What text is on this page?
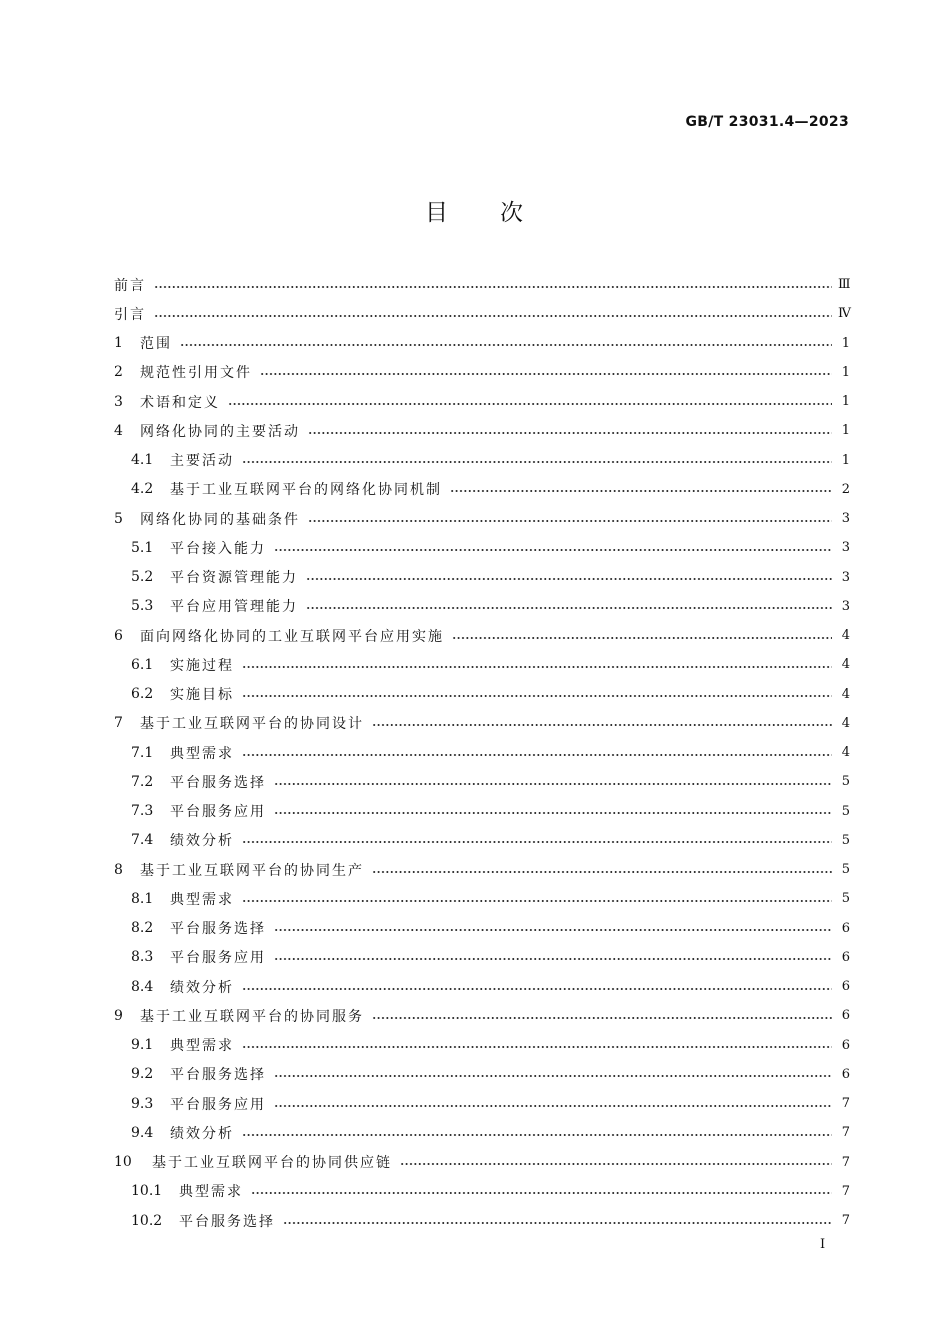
GB/T 23031.4—2023
目 次
前言	Ⅲ
引言	Ⅳ
1	范围	1
2	规范性引用文件	1
3	术语和定义	1
4	网络化协同的主要活动	1
4.1	主要活动	1
4.2	基于工业互联网平台的网络化协同机制	2
5	网络化协同的基础条件	3
5.1	平台接入能力	3
5.2	平台资源管理能力	3
5.3	平台应用管理能力	3
6	面向网络化协同的工业互联网平台应用实施	4
6.1	实施过程	4
6.2	实施目标	4
7	基于工业互联网平台的协同设计	4
7.1	典型需求	4
7.2	平台服务选择	5
7.3	平台服务应用	5
7.4	绩效分析	5
8	基于工业互联网平台的协同生产	5
8.1	典型需求	5
8.2	平台服务选择	6
8.3	平台服务应用	6
8.4	绩效分析	6
9	基于工业互联网平台的协同服务	6
9.1	典型需求	6
9.2	平台服务选择	6
9.3	平台服务应用	7
9.4	绩效分析	7
10	基于工业互联网平台的协同供应链	7
10.1	典型需求	7
10.2	平台服务选择	7
I
